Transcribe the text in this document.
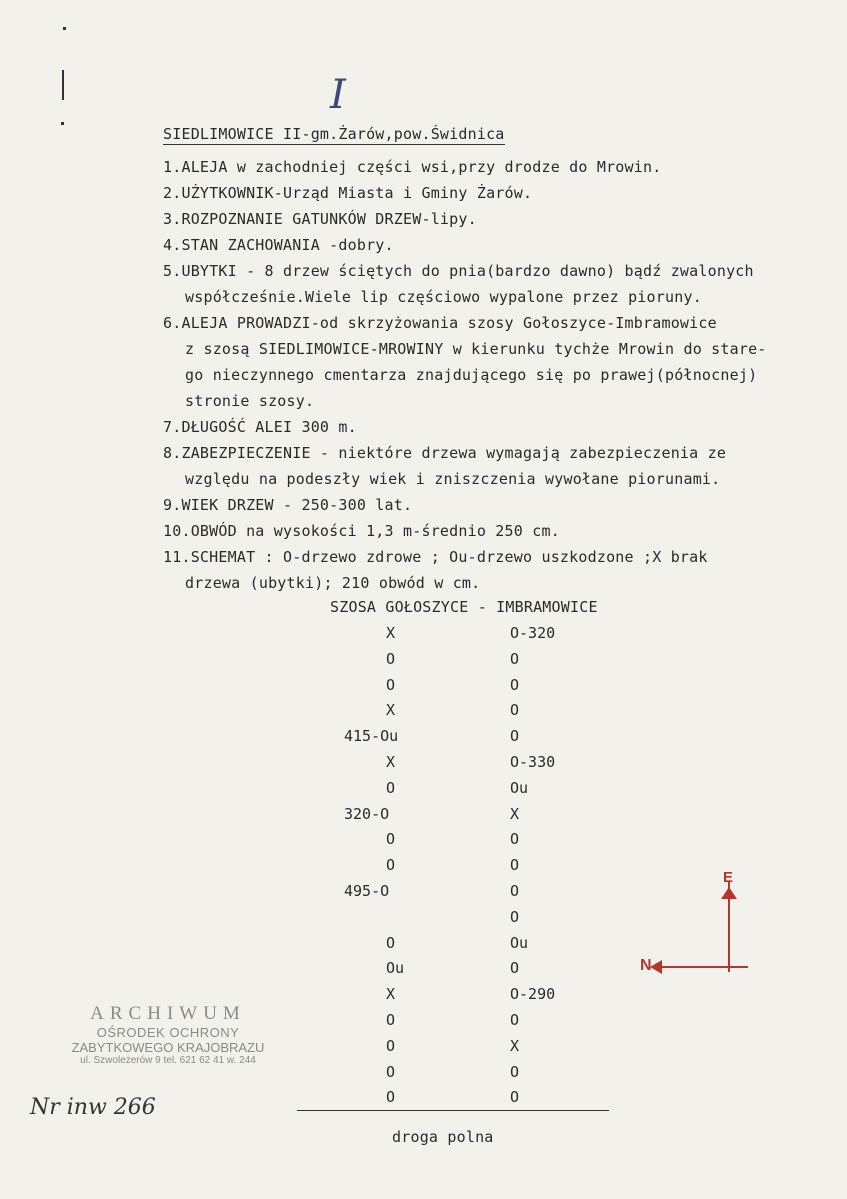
I
SIEDLIMOWICE II-gm.Żarów,pow.Świdnica
1.ALEJA w zachodniej części wsi,przy drodze do Mrowin.
2.UŻYTKOWNIK-Urząd Miasta i Gminy Żarów.
3.ROZPOZNANIE GATUNKÓW DRZEW-lipy.
4.STAN ZACHOWANIA -dobry.
5.UBYTKI - 8 drzew ściętych do pnia(bardzo dawno) bądź zwalonych
współcześnie.Wiele lip częściowo wypalone przez pioruny.
6.ALEJA PROWADZI-od skrzyżowania szosy Gołoszyce-Imbramowice
z szosą SIEDLIMOWICE-MROWINY w kierunku tychże Mrowin do stare-
go nieczynnego cmentarza znajdującego się po prawej(północnej)
stronie szosy.
7.DŁUGOŚĆ ALEI 300 m.
8.ZABEZPIECZENIE - niektóre drzewa wymagają zabezpieczenia ze
względu na podeszły wiek i zniszczenia wywołane piorunami.
9.WIEK DRZEW - 250-300 lat.
10.OBWÓD na wysokości 1,3 m-średnio 250 cm.
11.SCHEMAT : O-drzewo zdrowe ; Ou-drzewo uszkodzone ;X brak
drzewa (ubytki); 210 obwód w cm.
SZOSA GOŁOSZYCE - IMBRAMOWICE
X
O
O
X
415-Ou
X
O
320-O
O
O
495-O
O
Ou
X
O
O
O
O
O-320
O
O
O
O
O-330
Ou
X
O
O
O
O
Ou
O
O-290
O
X
O
O
droga polna
E
N
ARCHIWUM
OŚRODEK OCHRONY
ZABYTKOWEGO KRAJOBRAZU
ul. Szwoleżerów 9 tel. 621 62 41 w. 244
Nr inw 266
